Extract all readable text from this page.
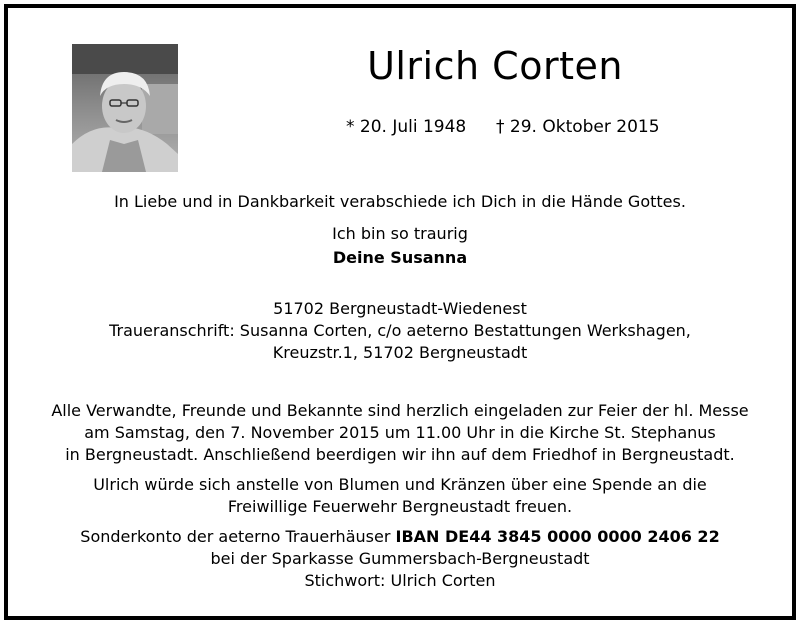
Ulrich Corten
* 20. Juli 1948 † 29. Oktober 2015
In Liebe und in Dankbarkeit verabschiede ich Dich in die Hände Gottes.
Ich bin so traurig
Deine Susanna
51702 Bergneustadt-Wiedenest
Traueranschrift: Susanna Corten, c/o aeterno Bestattungen Werkshagen,
Kreuzstr.1, 51702 Bergneustadt
Alle Verwandte, Freunde und Bekannte sind herzlich eingeladen zur Feier der hl. Messe
am Samstag, den 7. November 2015 um 11.00 Uhr in die Kirche St. Stephanus
in Bergneustadt. Anschließend beerdigen wir ihn auf dem Friedhof in Bergneustadt.
Ulrich würde sich anstelle von Blumen und Kränzen über eine Spende an die
Freiwillige Feuerwehr Bergneustadt freuen.
Sonderkonto der aeterno Trauerhäuser IBAN DE44 3845 0000 0000 2406 22
bei der Sparkasse Gummersbach-Bergneustadt
Stichwort: Ulrich Corten
